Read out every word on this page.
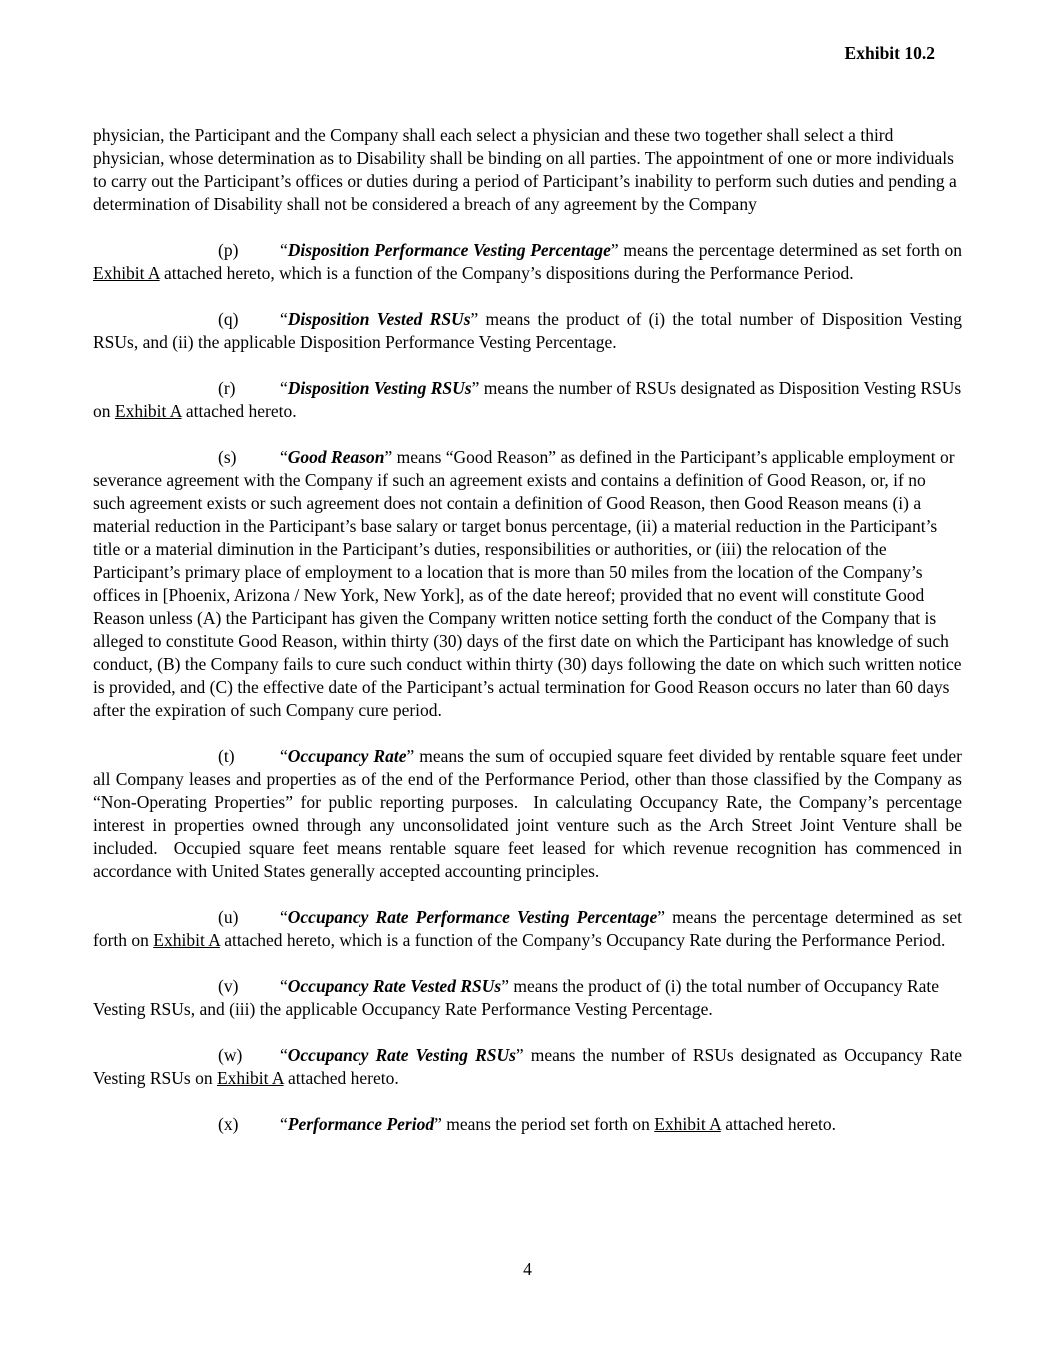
Exhibit 10.2

physician, the Participant and the Company shall each select a physician and these two together shall select a third physician, whose determination as to Disability shall be binding on all parties. The appointment of one or more individuals to carry out the Participant’s offices or duties during a period of Participant’s inability to perform such duties and pending a determination of Disability shall not be considered a breach of any agreement by the Company

(p) “Disposition Performance Vesting Percentage” means the percentage determined as set forth on Exhibit A attached hereto, which is a function of the Company’s dispositions during the Performance Period.

(q) “Disposition Vested RSUs” means the product of (i) the total number of Disposition Vesting RSUs, and (ii) the applicable Disposition Performance Vesting Percentage.

(r)	“Disposition Vesting RSUs” means the number of RSUs designated as Disposition Vesting RSUs on Exhibit A attached hereto.

(s) “Good Reason” means “Good Reason” as defined in the Participant’s applicable employment or severance agreement with the Company if such an agreement exists and contains a definition of Good Reason, or, if no such agreement exists or such agreement does not contain a definition of Good Reason, then Good Reason means (i) a material reduction in the Participant’s base salary or target bonus percentage, (ii) a material reduction in the Participant’s title or a material diminution in the Participant’s duties, responsibilities or authorities, or (iii) the relocation of the Participant’s primary place of employment to a location that is more than 50 miles from the location of the Company’s offices in [Phoenix, Arizona / New York, New York], as of the date hereof; provided that no event will constitute Good Reason unless (A) the Participant has given the Company written notice setting forth the conduct of the Company that is alleged to constitute Good Reason, within thirty (30) days of the first date on which the Participant has knowledge of such conduct, (B) the Company fails to cure such conduct within thirty (30) days following the date on which such written notice is provided, and (C) the effective date of the Participant’s actual termination for Good Reason occurs no later than 60 days after the expiration of such Company cure period.

(t)	“Occupancy Rate” means the sum of occupied square feet divided by rentable square feet under all Company leases and properties as of the end of the Performance Period, other than those classified by the Company as “Non-Operating Properties” for public reporting purposes.  In calculating Occupancy Rate, the Company’s percentage interest in properties owned through any unconsolidated joint venture such as the Arch Street Joint Venture shall be included.  Occupied square feet means rentable square feet leased for which revenue recognition has commenced in accordance with United States generally accepted accounting principles.

(u) “Occupancy Rate Performance Vesting Percentage” means the percentage determined as set forth on Exhibit A attached hereto, which is a function of the Company’s Occupancy Rate during the Performance Period.

(v) “Occupancy Rate Vested RSUs” means the product of (i) the total number of Occupancy Rate Vesting RSUs, and (iii) the applicable Occupancy Rate Performance Vesting Percentage.

(w) “Occupancy Rate Vesting RSUs” means the number of RSUs designated as Occupancy Rate Vesting RSUs on Exhibit A attached hereto.

(x) “Performance Period” means the period set forth on Exhibit A attached hereto.

4
